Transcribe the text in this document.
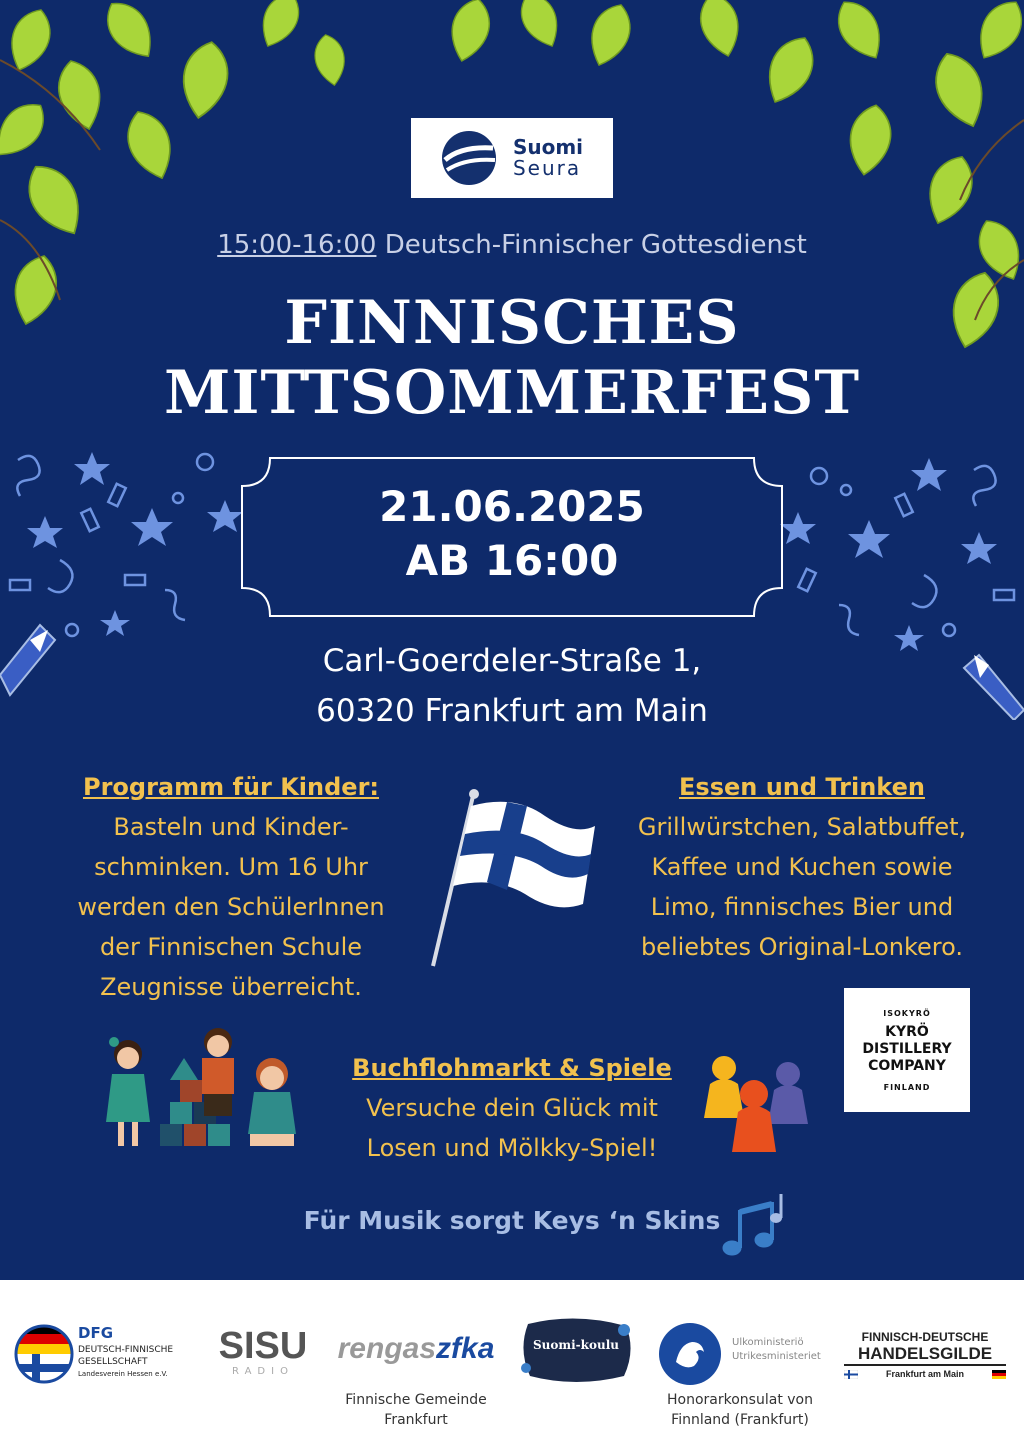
Suomi
Seura
15:00-16:00 Deutsch-Finnischer Gottesdienst
FINNISCHES
MITTSOMMERFEST
21.06.2025
AB 16:00
Carl-Goerdeler-Straße 1,
60320 Frankfurt am Main
Programm für Kinder:
Basteln und Kinder-
schminken. Um 16 Uhr
werden den SchülerInnen
der Finnischen Schule
Zeugnisse überreicht.
Essen und Trinken
Grillwürstchen, Salatbuffet,
Kaffee und Kuchen sowie
Limo, finnisches Bier und
beliebtes Original-Lonkero.
ISOKYRÖ
KYRÖ
DISTILLERY
COMPANY
FINLAND
Buchflohmarkt & Spiele
Versuche dein Glück mit
Losen und Mölkky-Spiel!
Für Musik sorgt Keys ‘n Skins
DFG
DEUTSCH-FINNISCHE
GESELLSCHAFT
Landesverein Hessen e.V.
SISU
RADIO
rengaszfka
Finnische Gemeinde
Frankfurt
Suomi-koulu	Ulkoministeriö
Utrikesministeriet
Honorarkonsulat von
Finnland (Frankfurt)
FINNISCH-DEUTSCHE
HANDELSGILDE
Frankfurt am Main
